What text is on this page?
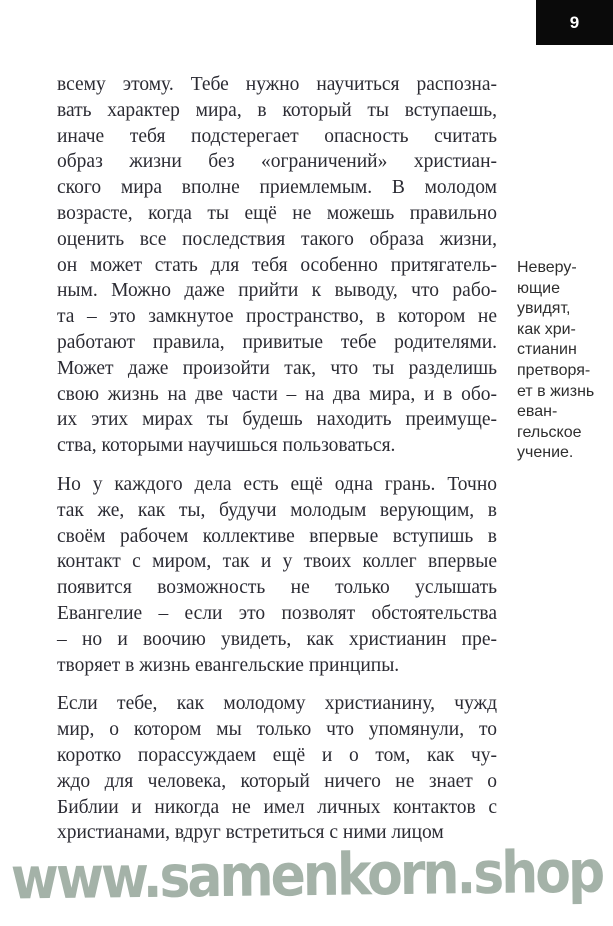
9
всему этому. Тебе нужно научиться распозна-
вать характер мира, в который ты вступаешь,
иначе тебя подстерегает опасность считать
образ жизни без «ограничений» христиан-
ского мира вполне приемлемым. В молодом
возрасте, когда ты ещё не можешь правильно
оценить все последствия такого образа жизни,
он может стать для тебя особенно притягатель-
ным. Можно даже прийти к выводу, что рабо-
та – это замкнутое пространство, в котором не
работают правила, привитые тебе родителями.
Может даже произойти так, что ты разделишь
свою жизнь на две части – на два мира, и в обо-
их этих мирах ты будешь находить преимуще-
ства, которыми научишься пользоваться.
Но у каждого дела есть ещё одна грань. Точно
так же, как ты, будучи молодым верующим, в
своём рабочем коллективе впервые вступишь в
контакт с миром, так и у твоих коллег впервые
появится возможность не только услышать
Евангелие – если это позволят обстоятельства
– но и воочию увидеть, как христианин пре-
творяет в жизнь евангельские принципы.
Если тебе, как молодому христианину, чужд
мир, о котором мы только что упомянули, то
коротко порассуждаем ещё и о том, как чу-
ждо для человека, который ничего не знает о
Библии и никогда не имел личных контактов с
христианами, вдруг встретиться с ними лицом
Неверу-
ющие
увидят,
как хри-
стианин
претворя-
ет в жизнь
еван-
гельское
учение.
www.samenkorn.shop
